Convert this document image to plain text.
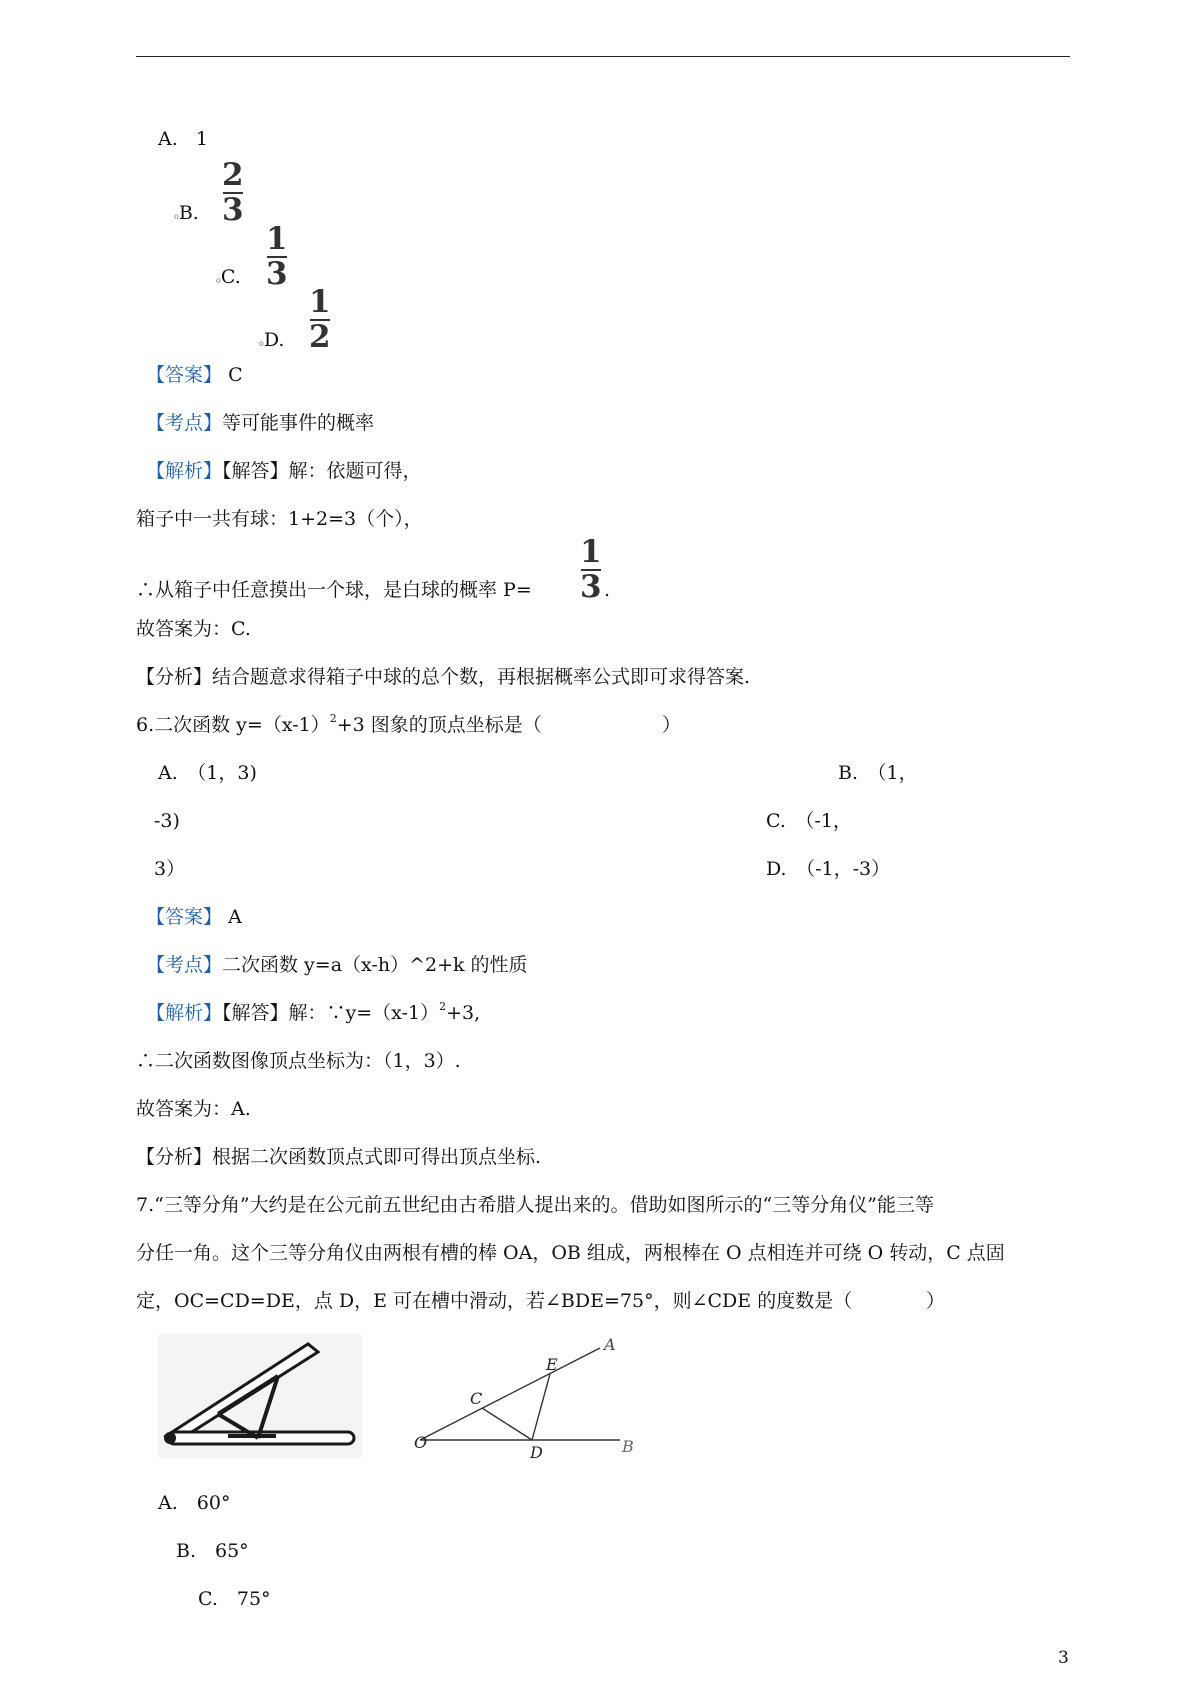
A. 1
oB.
2
3
oC.
1
3
oD.
1
2
【答案】 C
【考点】等可能事件的概率
【解析】【解答】解：依题可得，
箱子中一共有球：1+2=3（个），
∴从箱子中任意摸出一个球，是白球的概率 P=
1
3 .
故答案为：C.
【分析】结合题意求得箱子中球的总个数，再根据概率公式即可求得答案.
6.二次函数 $y=(x-1)^2+3$ 图象的顶点坐标是（	）
A.　（1，3)	B.　（1，
-3)	C.　（-1，
3）	D.　（-1，-3）
【答案】 A
【考点】二次函数 y=a（x-h）^2+k 的性质
【解析】【解答】解：$\because y=(x-1)^2+3$,
∴二次函数图像顶点坐标为：（1，3）.
故答案为：A.
【分析】根据二次函数顶点式即可得出顶点坐标.
7.“三等分角”大约是在公元前五世纪由古希腊人提出来的。借助如图所示的“三等分角仪”能三等
分任一角。这个三等分角仪由两根有槽的棒 OA，OB 组成，两根棒在 O 点相连并可绕 O 转动，C 点固
定，OC=CD=DE，点 D，E 可在槽中滑动，若∠BDE=75°，则∠CDE 的度数是（	）
O
A
B
C
D
E
A.　60°
B.　65°
C.　75°
3
